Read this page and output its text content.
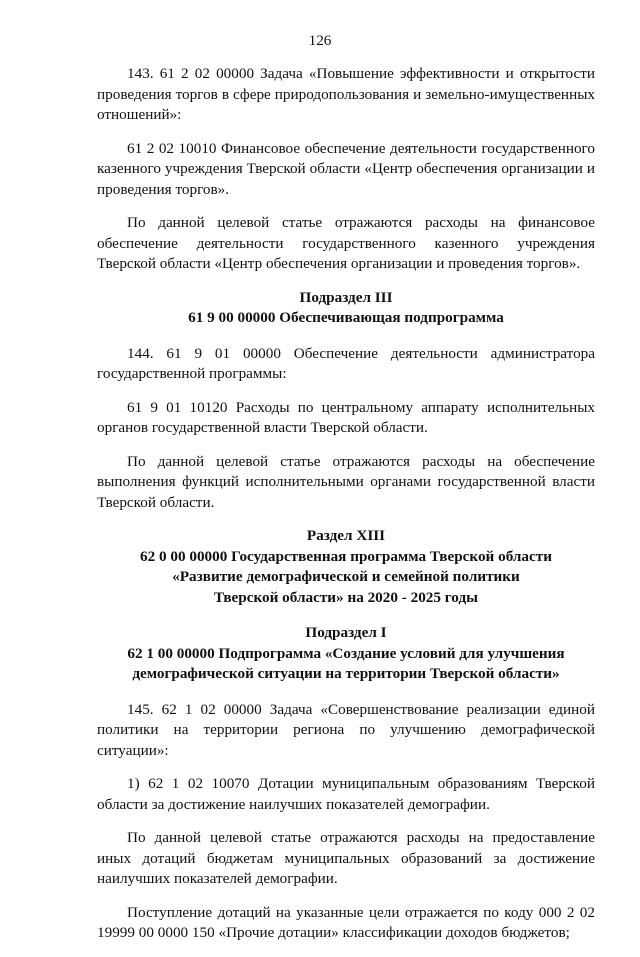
126

143. 61 2 02 00000 Задача «Повышение эффективности и открытости проведения торгов в сфере природопользования и земельно-имущественных отношений»:

61 2 02 10010 Финансовое обеспечение деятельности государственного казенного учреждения Тверской области «Центр обеспечения организации и проведения торгов».

По данной целевой статье отражаются расходы на финансовое обеспечение деятельности государственного казенного учреждения Тверской области «Центр обеспечения организации и проведения торгов».

Подраздел III
61 9 00 00000 Обеспечивающая подпрограмма

144. 61 9 01 00000 Обеспечение деятельности администратора государственной программы:

61 9 01 10120 Расходы по центральному аппарату исполнительных органов государственной власти Тверской области.

По данной целевой статье отражаются расходы на обеспечение выполнения функций исполнительными органами государственной власти Тверской области.

Раздел XIII
62 0 00 00000 Государственная программа Тверской области
«Развитие демографической и семейной политики
Тверской области» на 2020 - 2025 годы
Подраздел I
62 1 00 00000 Подпрограмма «Создание условий для улучшения
демографической ситуации на территории Тверской области»

145. 62 1 02 00000 Задача «Совершенствование реализации единой политики на территории региона по улучшению демографической ситуации»:

1) 62 1 02 10070 Дотации муниципальным образованиям Тверской области за достижение наилучших показателей демографии.

По данной целевой статье отражаются расходы на предоставление иных дотаций бюджетам муниципальных образований за достижение наилучших показателей демографии.

Поступление дотаций на указанные цели отражается по коду 000 2 02 19999 00 0000 150 «Прочие дотации» классификации доходов бюджетов;
